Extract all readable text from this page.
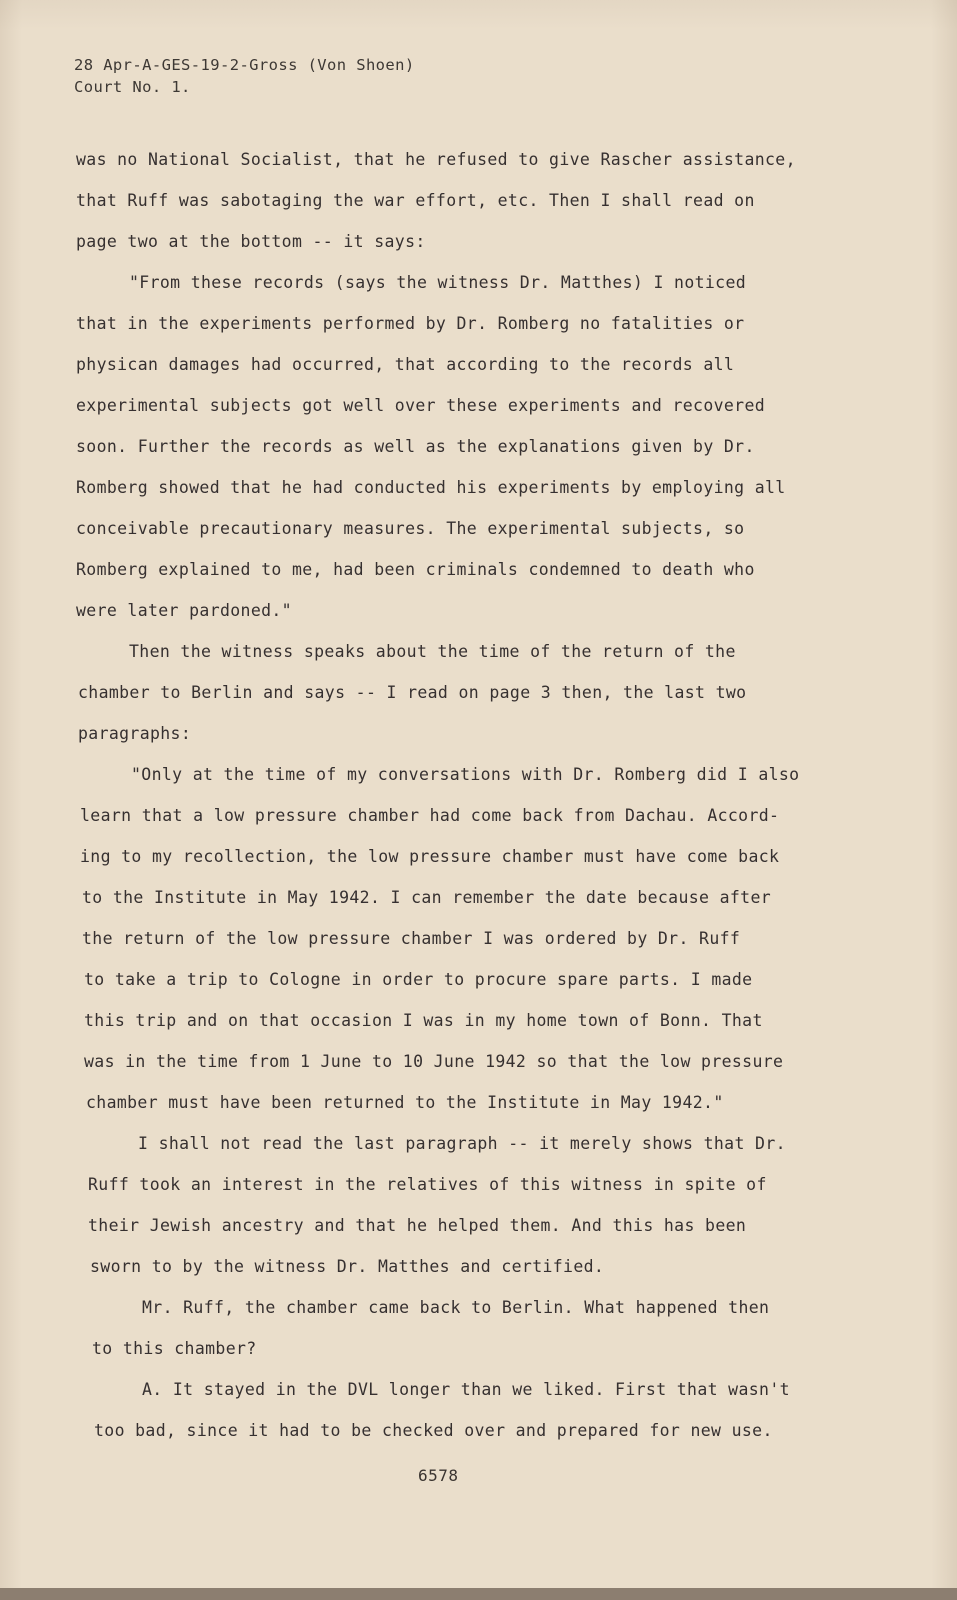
28 Apr-A-GES-19-2-Gross (Von Shoen)
Court No. 1.
was no National Socialist, that he refused to give Rascher assistance,
that Ruff was sabotaging the war effort, etc. Then I shall read on
page two at the bottom -- it says:
"From these records (says the witness Dr. Matthes) I noticed
that in the experiments performed by Dr. Romberg no fatalities or
physican damages had occurred, that according to the records all
experimental subjects got well over these experiments and recovered
soon. Further the records as well as the explanations given by Dr.
Romberg showed that he had conducted his experiments by employing all
conceivable precautionary measures. The experimental subjects, so
Romberg explained to me, had been criminals condemned to death who
were later pardoned."
Then the witness speaks about the time of the return of the
chamber to Berlin and says -- I read on page 3 then, the last two
paragraphs:
"Only at the time of my conversations with Dr. Romberg did I also
learn that a low pressure chamber had come back from Dachau. Accord-
ing to my recollection, the low pressure chamber must have come back
to the Institute in May 1942. I can remember the date because after
the return of the low pressure chamber I was ordered by Dr. Ruff
to take a trip to Cologne in order to procure spare parts. I made
this trip and on that occasion I was in my home town of Bonn. That
was in the time from 1 June to 10 June 1942 so that the low pressure
chamber must have been returned to the Institute in May 1942."
I shall not read the last paragraph -- it merely shows that Dr.
Ruff took an interest in the relatives of this witness in spite of
their Jewish ancestry and that he helped them. And this has been
sworn to by the witness Dr. Matthes and certified.
Mr. Ruff, the chamber came back to Berlin. What happened then
to this chamber?
A. It stayed in the DVL longer than we liked. First that wasn't
too bad, since it had to be checked over and prepared for new use.
6578
